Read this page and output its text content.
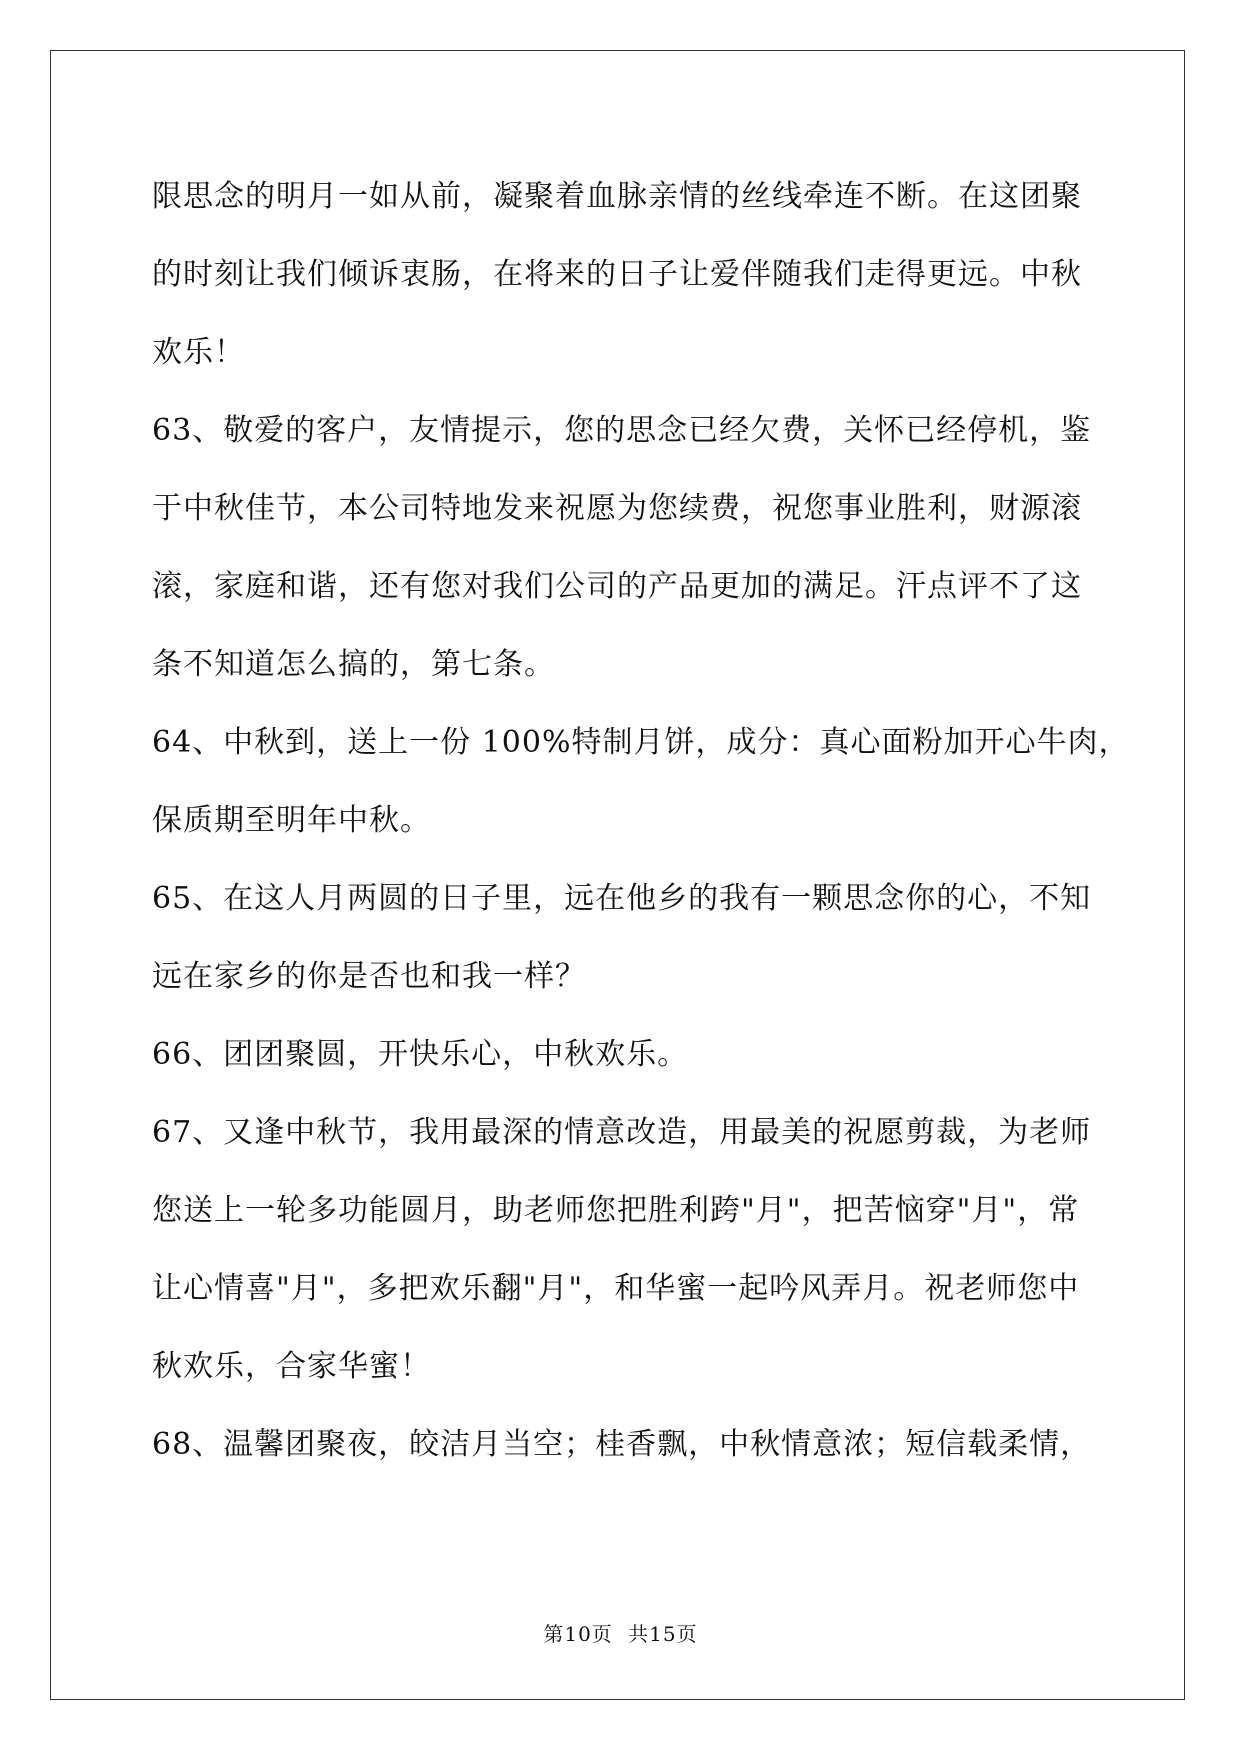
限思念的明月一如从前，凝聚着血脉亲情的丝线牵连不断。在这团聚
的时刻让我们倾诉衷肠，在将来的日子让爱伴随我们走得更远。中秋
欢乐！
63、敬爱的客户，友情提示，您的思念已经欠费，关怀已经停机，鉴
于中秋佳节，本公司特地发来祝愿为您续费，祝您事业胜利，财源滚
滚，家庭和谐，还有您对我们公司的产品更加的满足。汗点评不了这
条不知道怎么搞的，第七条。
64、中秋到，送上一份 100%特制月饼，成分：真心面粉加开心牛肉，
保质期至明年中秋。
65、在这人月两圆的日子里，远在他乡的我有一颗思念你的心，不知
远在家乡的你是否也和我一样？
66、团团聚圆，开快乐心，中秋欢乐。
67、又逢中秋节，我用最深的情意改造，用最美的祝愿剪裁，为老师
您送上一轮多功能圆月，助老师您把胜利跨"月"，把苦恼穿"月"，常
让心情喜"月"，多把欢乐翻"月"，和华蜜一起吟风弄月。祝老师您中
秋欢乐，合家华蜜！
68、温馨团聚夜，皎洁月当空；桂香飘，中秋情意浓；短信载柔情，
第10页 共15页
